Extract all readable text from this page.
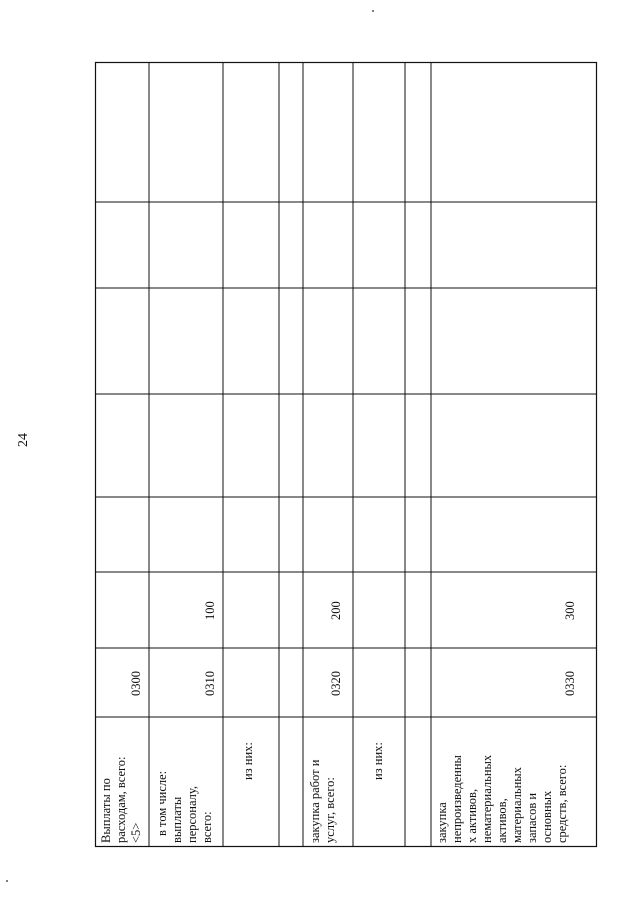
24
Выплаты по расходам, всего: <5>
0300
в том числе: выплаты персоналу, всего:
0310
100
из них:	закупка работ и услуг, всего:
0320
200
из них:
закупка непроизведенны х активов, нематериальных активов, материальных запасов и основных средств, всего:
0330
300
